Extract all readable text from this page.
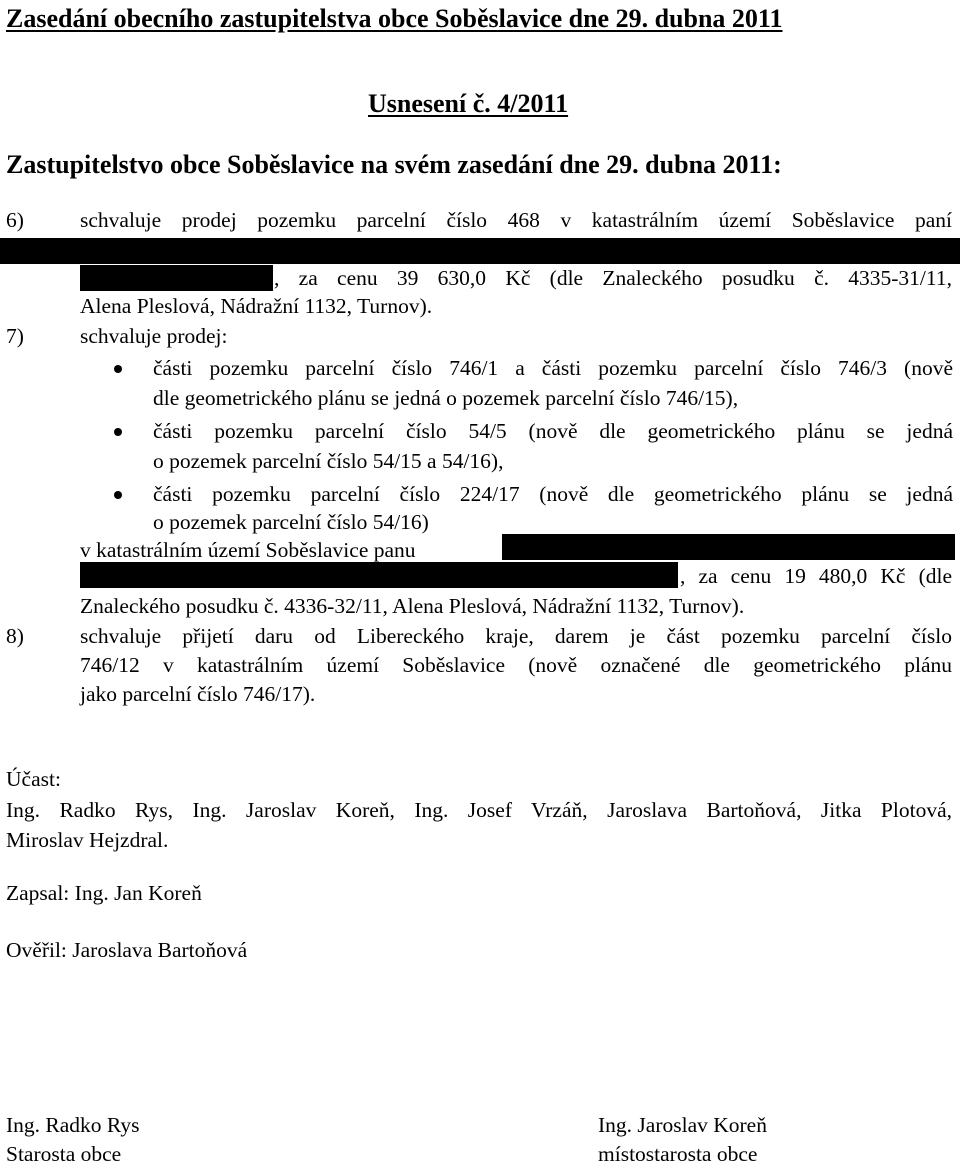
Zasedání obecního zastupitelstva obce Soběslavice dne 29. dubna 2011
Usnesení č. 4/2011
Zastupitelstvo obce Soběslavice na svém zasedání dne 29. dubna 2011:
6)	schvaluje prodej pozemku parcelní číslo 468 v katastrálním území Soběslavice paní
, za cenu 39 630,0 Kč (dle Znaleckého posudku č. 4335-31/11,
Alena Pleslová, Nádražní 1132, Turnov).
7)	schvaluje prodej:
části pozemku parcelní číslo 746/1 a části pozemku parcelní číslo 746/3 (nově
dle geometrického plánu se jedná o pozemek parcelní číslo 746/15),
části pozemku parcelní číslo 54/5 (nově dle geometrického plánu se jedná
o pozemek parcelní číslo 54/15 a 54/16),
části pozemku parcelní číslo 224/17 (nově dle geometrického plánu se jedná
o pozemek parcelní číslo 54/16)
v katastrálním území Soběslavice panu
, za cenu 19 480,0 Kč (dle
Znaleckého posudku č. 4336-32/11, Alena Pleslová, Nádražní 1132, Turnov).
8)	schvaluje přijetí daru od Libereckého kraje, darem je část pozemku parcelní číslo
746/12 v katastrálním území Soběslavice (nově označené dle geometrického plánu
jako parcelní číslo 746/17).
Účast:
Ing. Radko Rys, Ing. Jaroslav Koreň, Ing. Josef Vrzáň, Jaroslava Bartoňová, Jitka Plotová,
Miroslav Hejzdral.
Zapsal: Ing. Jan Koreň
Ověřil: Jaroslava Bartoňová
Ing. Radko Rys
Starosta obce
Ing. Jaroslav Koreň
místostarosta obce
